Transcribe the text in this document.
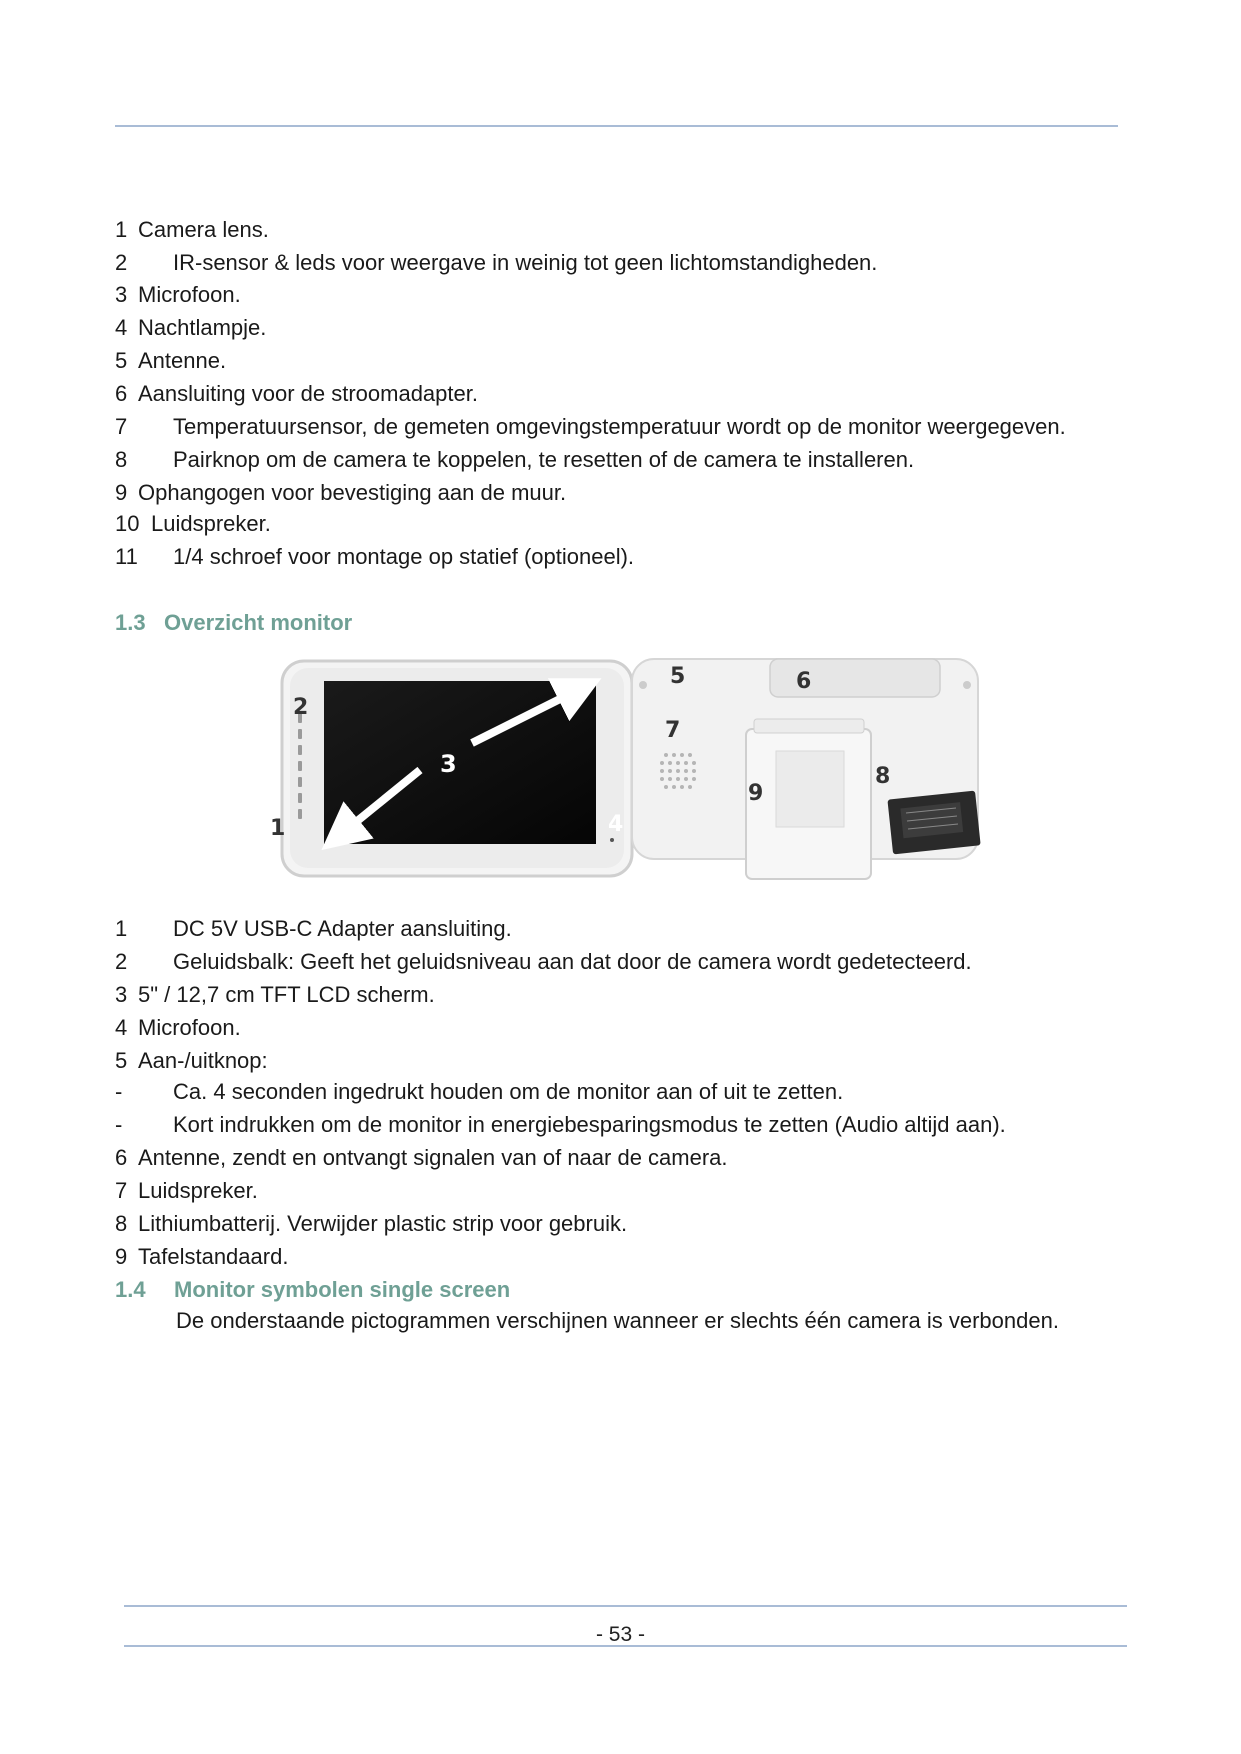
1 Camera lens.
2 IR-sensor & leds voor weergave in weinig tot geen lichtomstandigheden.
3 Microfoon.
4 Nachtlampje.
5 Antenne.
6 Aansluiting voor de stroomadapter.
7 Temperatuursensor, de gemeten omgevingstemperatuur wordt op de monitor weergegeven.
8 Pairknop om de camera te koppelen, te resetten of de camera te installeren.
9 Ophangogen voor bevestiging aan de muur.
10 Luidspreker.
11 1/4 schroef voor montage op statief (optioneel).
1.3 Overzicht monitor
1
2
3
4
5	6
7
8
9
1 DC 5V USB-C Adapter aansluiting.
2 Geluidsbalk: Geeft het geluidsniveau aan dat door de camera wordt gedetecteerd.
3 5" / 12,7 cm TFT LCD scherm.
4 Microfoon.
5 Aan-/uitknop:
- Ca. 4 seconden ingedrukt houden om de monitor aan of uit te zetten.
- Kort indrukken om de monitor in energiebesparingsmodus te zetten (Audio altijd aan).
6 Antenne, zendt en ontvangt signalen van of naar de camera.
7 Luidspreker.
8 Lithiumbatterij. Verwijder plastic strip voor gebruik.
9 Tafelstandaard.
1.4 Monitor symbolen single screen
De onderstaande pictogrammen verschijnen wanneer er slechts één camera is verbonden.
- 53 -
